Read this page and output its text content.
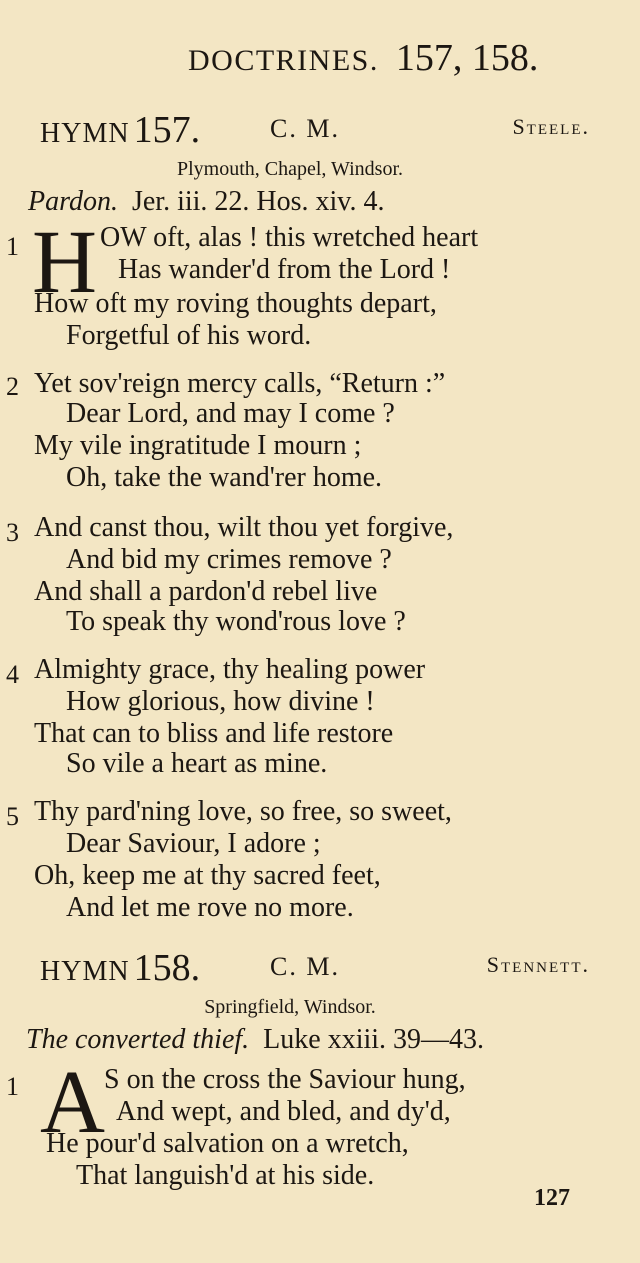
DOCTRINES. 157, 158.
HYMN 157.	C. M.	Steele.
Plymouth, Chapel, Windsor.
Pardon. Jer. iii. 22. Hos. xiv. 4.
1 H OW oft, alas ! this wretched heart
Has wander'd from the Lord !
How oft my roving thoughts depart,
Forgetful of his word.
2 Yet sov'reign mercy calls, “Return :”
Dear Lord, and may I come ?
My vile ingratitude I mourn ;
Oh, take the wand'rer home.
3 And canst thou, wilt thou yet forgive,
And bid my crimes remove ?
And shall a pardon'd rebel live
To speak thy wond'rous love ?
4 Almighty grace, thy healing power
How glorious, how divine !
That can to bliss and life restore
So vile a heart as mine.
5 Thy pard'ning love, so free, so sweet,
Dear Saviour, I adore ;
Oh, keep me at thy sacred feet,
And let me rove no more.
HYMN 158.	C. M.	Stennett.
Springfield, Windsor.
The converted thief. Luke xxiii. 39—43.
1 A S on the cross the Saviour hung,
And wept, and bled, and dy'd,
He pour'd salvation on a wretch,
That languish'd at his side.
127
